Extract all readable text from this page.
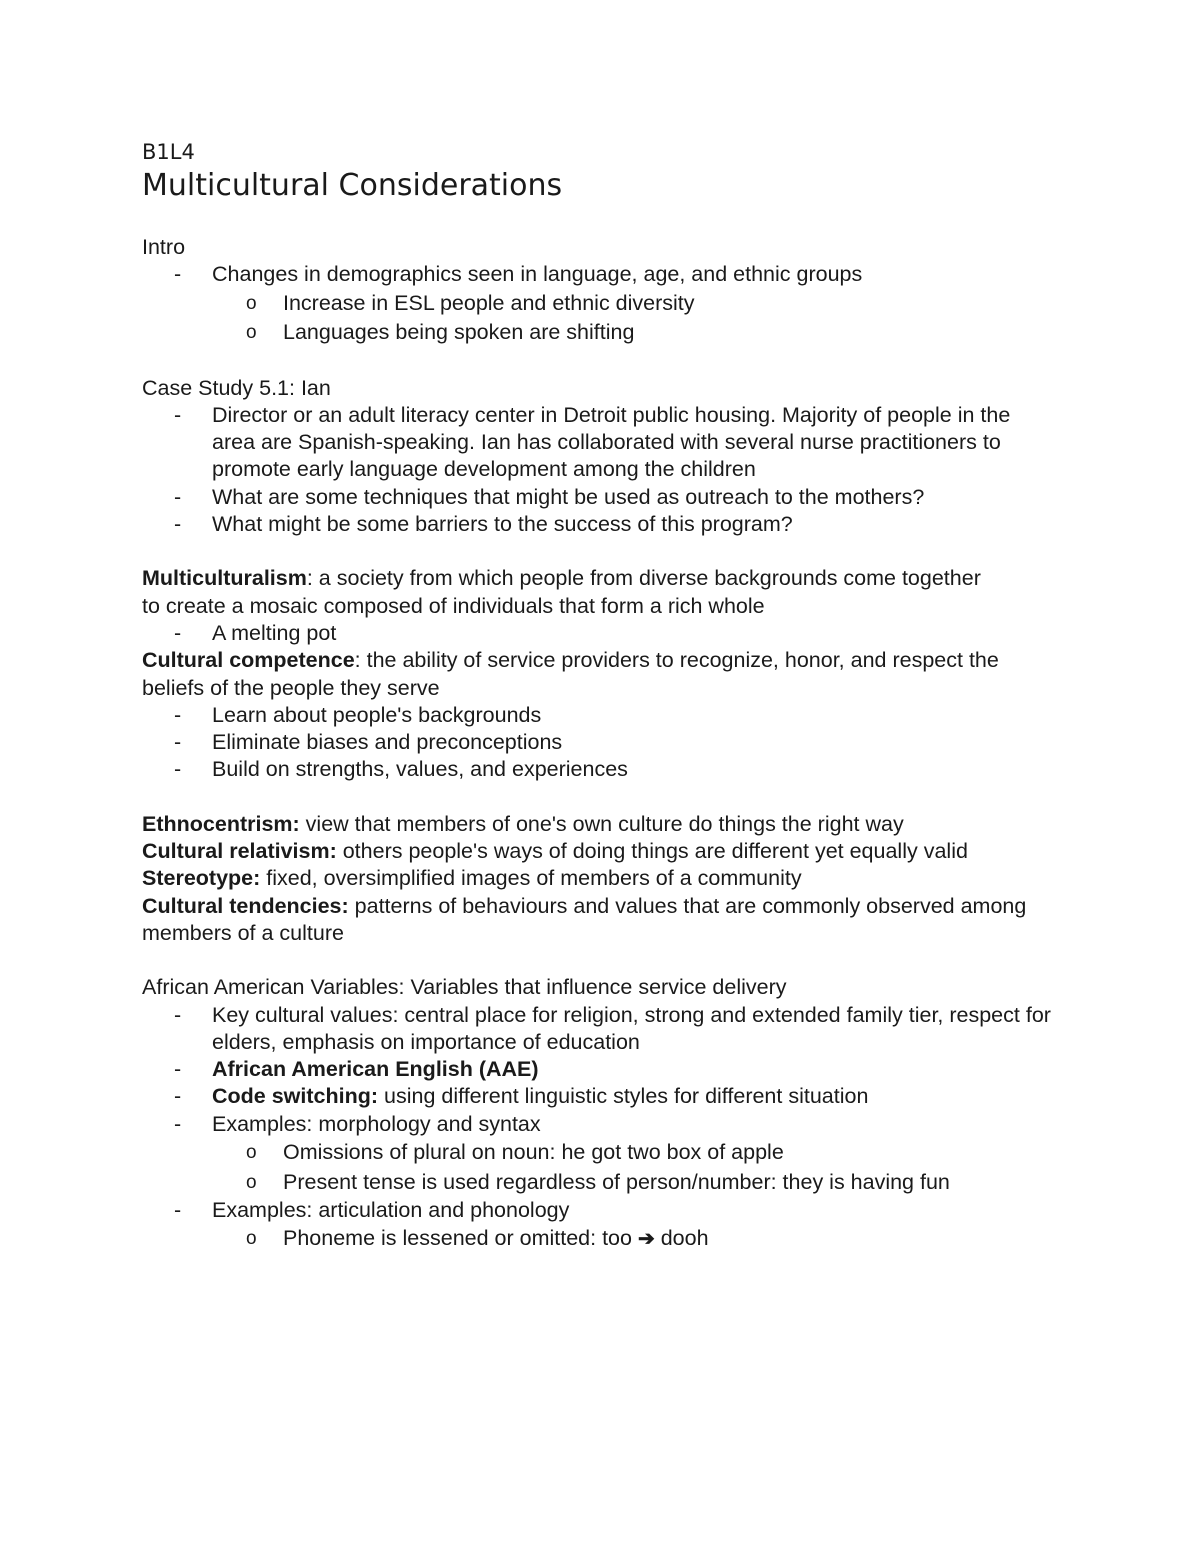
B1L4

Multicultural Considerations

Intro

- Changes in demographics seen in language, age, and ethnic groups
o Increase in ESL people and ethnic diversity
o Languages being spoken are shifting

Case Study 5.1: Ian

- Director or an adult literacy center in Detroit public housing. Majority of people in the area are Spanish-speaking. Ian has collaborated with several nurse practitioners to promote early language development among the children
- What are some techniques that might be used as outreach to the mothers?
- What might be some barriers to the success of this program?

Multiculturalism: a society from which people from diverse backgrounds come together to create a mosaic composed of individuals that form a rich whole

- A melting pot

Cultural competence: the ability of service providers to recognize, honor, and respect the beliefs of the people they serve

- Learn about people's backgrounds
- Eliminate biases and preconceptions
- Build on strengths, values, and experiences

Ethnocentrism: view that members of one's own culture do things the right way

Cultural relativism: others people's ways of doing things are different yet equally valid

Stereotype: fixed, oversimplified images of members of a community

Cultural tendencies: patterns of behaviours and values that are commonly observed among members of a culture

African American Variables: Variables that influence service delivery

- Key cultural values: central place for religion, strong and extended family tier, respect for elders, emphasis on importance of education
- African American English (AAE)
- Code switching: using different linguistic styles for different situation
- Examples: morphology and syntax
o Omissions of plural on noun: he got two box of apple
o Present tense is used regardless of person/number: they is having fun
- Examples: articulation and phonology
o Phoneme is lessened or omitted: too ➔ dooh
